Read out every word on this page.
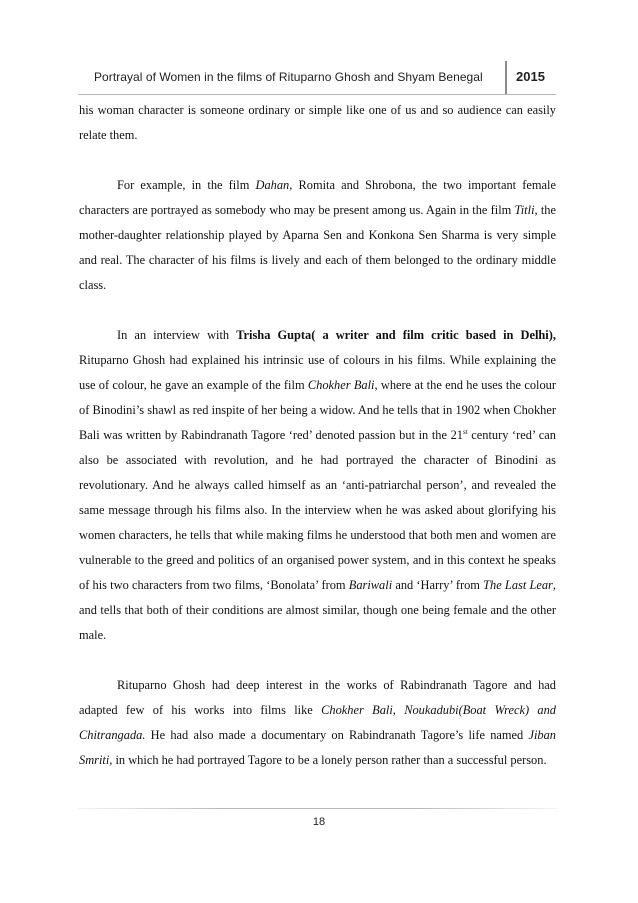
Portrayal of Women in the films of Rituparno Ghosh and Shyam Benegal	2015

his woman character is someone ordinary or simple like one of us and so audience can easily relate them.

For example, in the film Dahan, Romita and Shrobona, the two important female characters are portrayed as somebody who may be present among us. Again in the film Titli, the mother-daughter relationship played by Aparna Sen and Konkona Sen Sharma is very simple and real. The character of his films is lively and each of them belonged to the ordinary middle class.

In an interview with Trisha Gupta( a writer and film critic based in Delhi), Rituparno Ghosh had explained his intrinsic use of colours in his films. While explaining the use of colour, he gave an example of the film Chokher Bali, where at the end he uses the colour of Binodini’s shawl as red inspite of her being a widow. And he tells that in 1902 when Chokher Bali was written by Rabindranath Tagore ‘red’ denoted passion but in the 21st century ‘red’ can also be associated with revolution, and he had portrayed the character of Binodini as revolutionary. And he always called himself as an ‘anti-patriarchal person’, and revealed the same message through his films also. In the interview when he was asked about glorifying his women characters, he tells that while making films he understood that both men and women are vulnerable to the greed and politics of an organised power system, and in this context he speaks of his two characters from two films, ‘Bonolata’ from Bariwali and ‘Harry’ from The Last Lear, and tells that both of their conditions are almost similar, though one being female and the other male.

Rituparno Ghosh had deep interest in the works of Rabindranath Tagore and had adapted few of his works into films like Chokher Bali, Noukadubi(Boat Wreck) and Chitrangada. He had also made a documentary on Rabindranath Tagore’s life named Jiban Smriti, in which he had portrayed Tagore to be a lonely person rather than a successful person.

18
